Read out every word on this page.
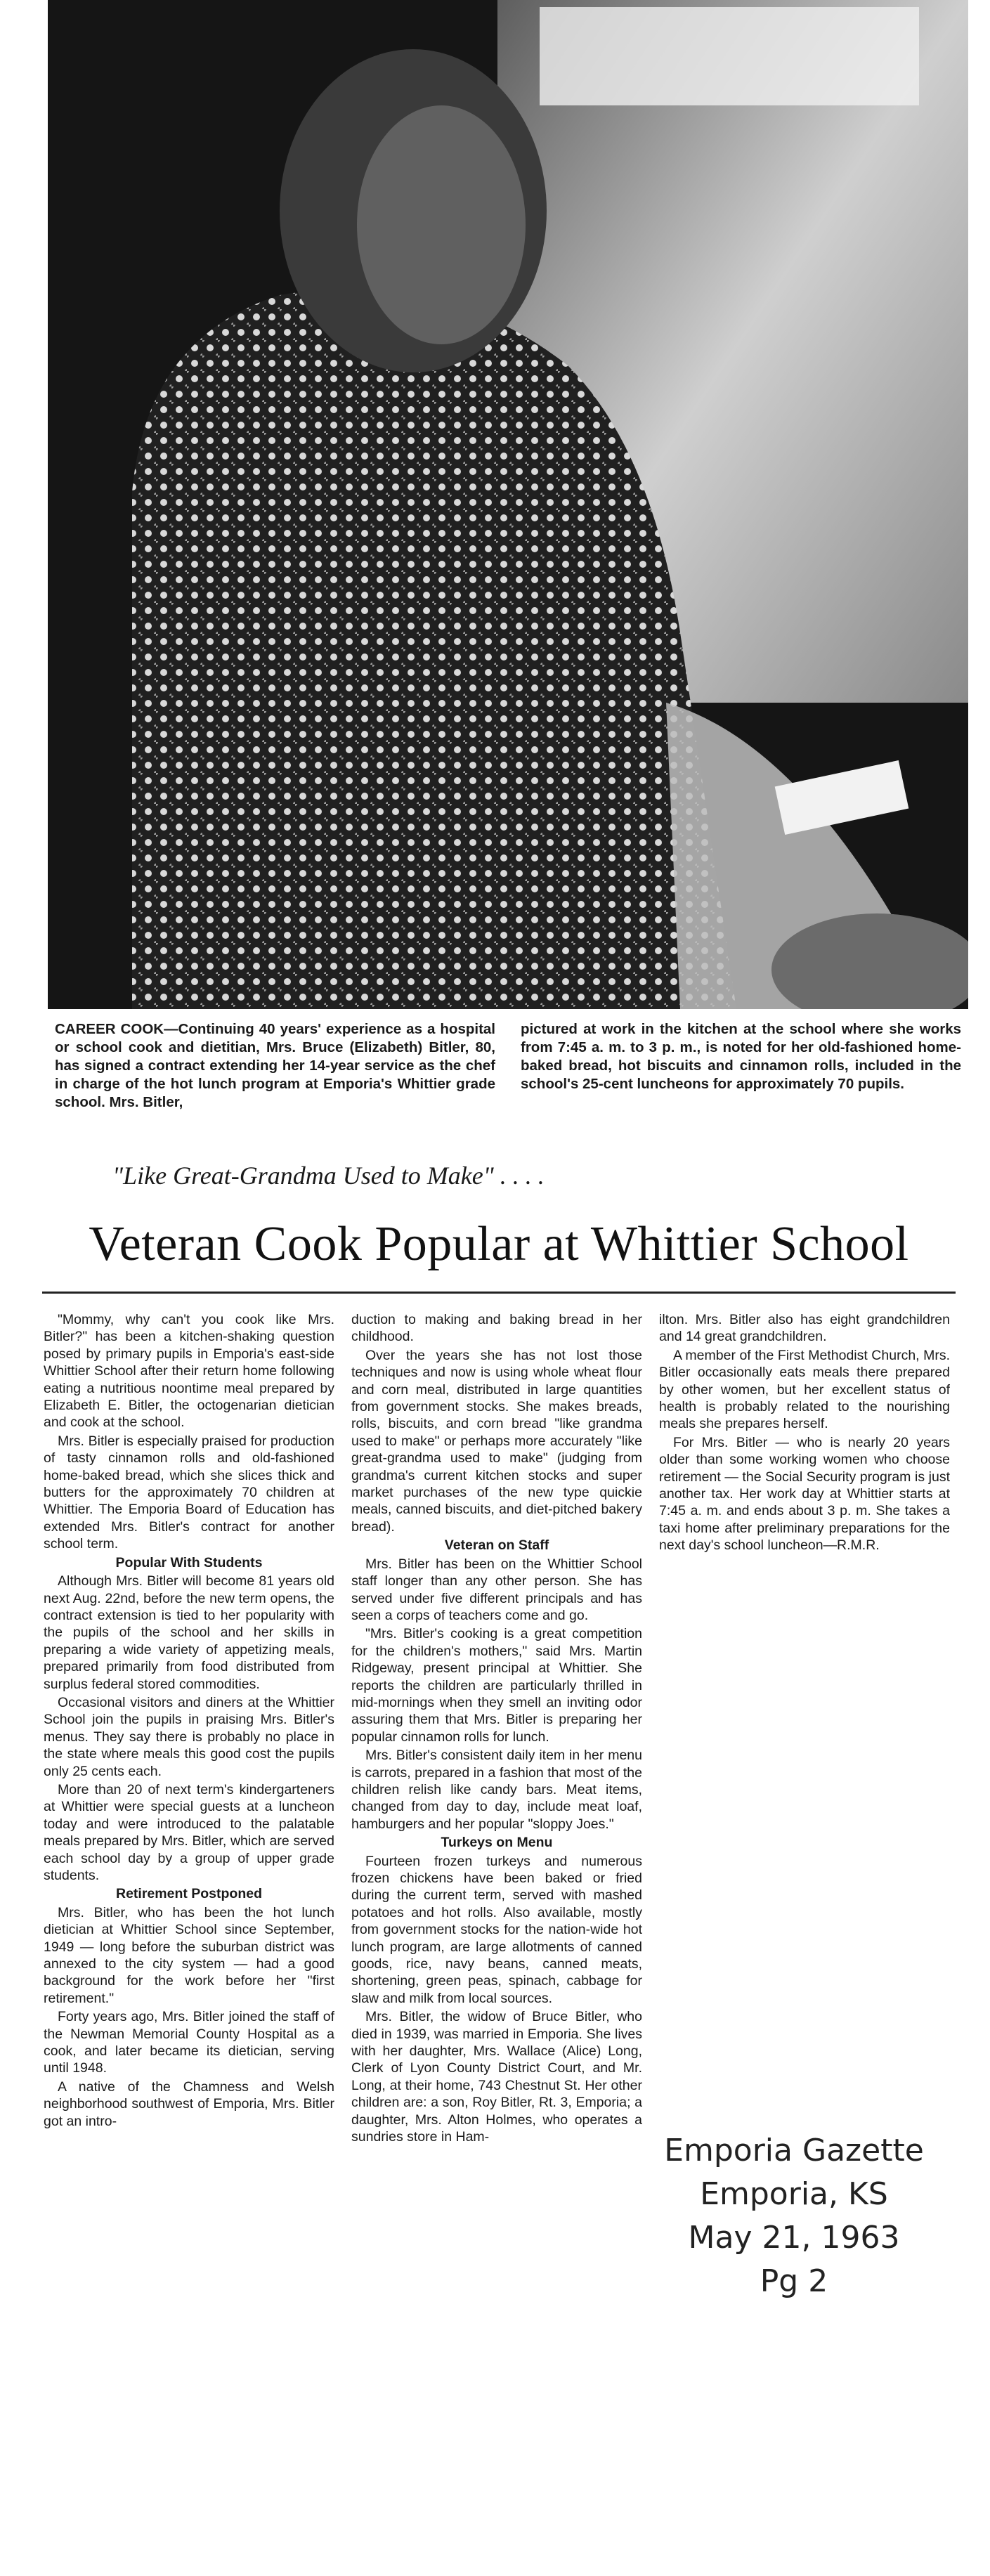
CAREER COOK—Continuing 40 years' experience as a hospital or school cook and dietitian, Mrs. Bruce (Elizabeth) Bitler, 80, has signed a contract extending her 14-year service as the chef in charge of the hot lunch program at Emporia's Whittier grade school. Mrs. Bitler,
pictured at work in the kitchen at the school where she works from 7:45 a. m. to 3 p. m., is noted for her old-fashioned home-baked bread, hot biscuits and cinnamon rolls, included in the school's 25-cent luncheons for approximately 70 pupils.
"Like Great-Grandma Used to Make" . . . .
Veteran Cook Popular at Whittier School

"Mommy, why can't you cook like Mrs. Bitler?" has been a kitchen-shaking question posed by primary pupils in Emporia's east-side Whittier School after their return home following eating a nutritious noontime meal prepared by Elizabeth E. Bitler, the octogenarian dietician and cook at the school.

Mrs. Bitler is especially praised for production of tasty cinnamon rolls and old-fashioned home-baked bread, which she slices thick and butters for the approximately 70 children at Whittier. The Emporia Board of Education has extended Mrs. Bitler's contract for another school term.

Popular With Students

Although Mrs. Bitler will become 81 years old next Aug. 22nd, before the new term opens, the contract extension is tied to her popularity with the pupils of the school and her skills in preparing a wide variety of appetizing meals, prepared primarily from food distributed from surplus federal stored commodities.

Occasional visitors and diners at the Whittier School join the pupils in praising Mrs. Bitler's menus. They say there is probably no place in the state where meals this good cost the pupils only 25 cents each.

More than 20 of next term's kindergarteners at Whittier were special guests at a luncheon today and were introduced to the palatable meals prepared by Mrs. Bitler, which are served each school day by a group of upper grade students.

Retirement Postponed

Mrs. Bitler, who has been the hot lunch dietician at Whittier School since September, 1949 — long before the suburban district was annexed to the city system — had a good background for the work before her "first retirement."

Forty years ago, Mrs. Bitler joined the staff of the Newman Memorial County Hospital as a cook, and later became its dietician, serving until 1948.

A native of the Chamness and Welsh neighborhood southwest of Emporia, Mrs. Bitler got an intro-

duction to making and baking bread in her childhood.

Over the years she has not lost those techniques and now is using whole wheat flour and corn meal, distributed in large quantities from government stocks. She makes breads, rolls, biscuits, and corn bread "like grandma used to make" or perhaps more accurately "like great-grandma used to make" (judging from grandma's current kitchen stocks and super market purchases of the new type quickie meals, canned biscuits, and diet-pitched bakery bread).

Veteran on Staff

Mrs. Bitler has been on the Whittier School staff longer than any other person. She has served under five different principals and has seen a corps of teachers come and go.

"Mrs. Bitler's cooking is a great competition for the children's mothers," said Mrs. Martin Ridgeway, present principal at Whittier. She reports the children are particularly thrilled in mid-mornings when they smell an inviting odor assuring them that Mrs. Bitler is preparing her popular cinnamon rolls for lunch.

Mrs. Bitler's consistent daily item in her menu is carrots, prepared in a fashion that most of the children relish like candy bars. Meat items, changed from day to day, include meat loaf, hamburgers and her popular "sloppy Joes."

Turkeys on Menu

Fourteen frozen turkeys and numerous frozen chickens have been baked or fried during the current term, served with mashed potatoes and hot rolls. Also available, mostly from government stocks for the nation-wide hot lunch program, are large allotments of canned goods, rice, navy beans, canned meats, shortening, green peas, spinach, cabbage for slaw and milk from local sources.

Mrs. Bitler, the widow of Bruce Bitler, who died in 1939, was married in Emporia. She lives with her daughter, Mrs. Wallace (Alice) Long, Clerk of Lyon County District Court, and Mr. Long, at their home, 743 Chestnut St. Her other children are: a son, Roy Bitler, Rt. 3, Emporia; a daughter, Mrs. Alton Holmes, who operates a sundries store in Ham-

ilton. Mrs. Bitler also has eight grandchildren and 14 great grandchildren.

A member of the First Methodist Church, Mrs. Bitler occasionally eats meals there prepared by other women, but her excellent status of health is probably related to the nourishing meals she prepares herself.

For Mrs. Bitler — who is nearly 20 years older than some working women who choose retirement — the Social Security program is just another tax. Her work day at Whittier starts at 7:45 a. m. and ends about 3 p. m. She takes a taxi home after preliminary preparations for the next day's school luncheon—R.M.R.

Emporia Gazette
Emporia, KS
May 21, 1963
Pg 2
